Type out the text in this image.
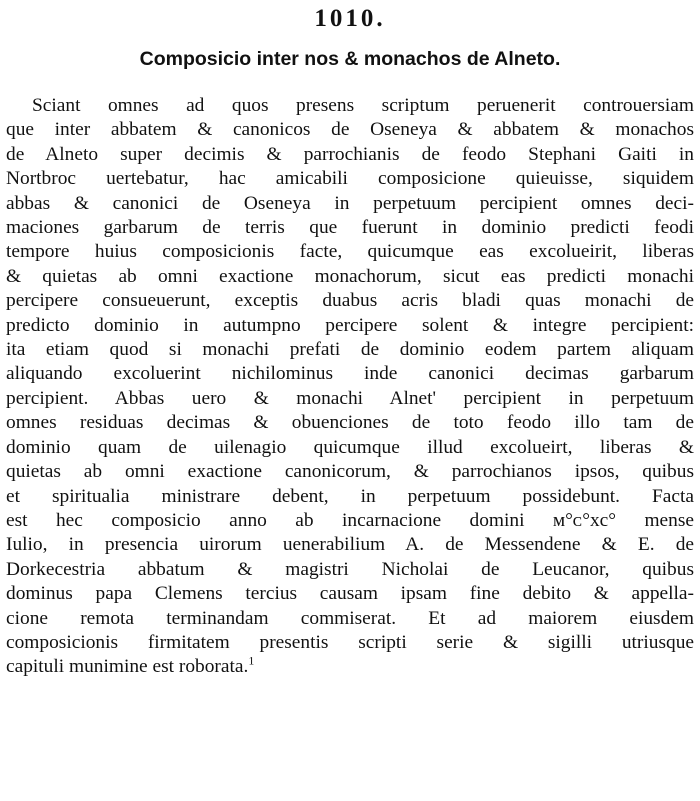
1010.
Composicio inter nos & monachos de Alneto.
Sciant omnes ad quos presens scriptum peruenerit controuersiam
que inter abbatem & canonicos de Oseneya & abbatem & monachos
de Alneto super decimis & parrochianis de feodo Stephani Gaiti in
Nortbroc uertebatur, hac amicabili composicione quieuisse, siquidem
abbas & canonici de Oseneya in perpetuum percipient omnes deci-
maciones garbarum de terris que fuerunt in dominio predicti feodi
tempore huius composicionis facte, quicumque eas excolueirit, liberas
& quietas ab omni exactione monachorum, sicut eas predicti monachi
percipere consueuerunt, exceptis duabus acris bladi quas monachi de
predicto dominio in autumpno percipere solent & integre percipient:
ita etiam quod si monachi prefati de dominio eodem partem aliquam
aliquando excoluerint nichilominus inde canonici decimas garbarum
percipient. Abbas uero & monachi Alnet' percipient in perpetuum
omnes residuas decimas & obuenciones de toto feodo illo tam de
dominio quam de uilenagio quicumque illud excolueirt, liberas &
quietas ab omni exactione canonicorum, & parrochianos ipsos, quibus
et spiritualia ministrare debent, in perpetuum possidebunt. Facta
est hec composicio anno ab incarnacione domini ᴍ°ᴄ°xc° mense
Iulio, in presencia uirorum uenerabilium A. de Messendene & E. de
Dorkecestria abbatum & magistri Nicholai de Leucanor, quibus
dominus papa Clemens tercius causam ipsam fine debito & appella-
cione remota terminandam commiserat. Et ad maiorem eiusdem
composicionis firmitatem presentis scripti serie & sigilli utriusque
capituli munimine est roborata.$^1$
